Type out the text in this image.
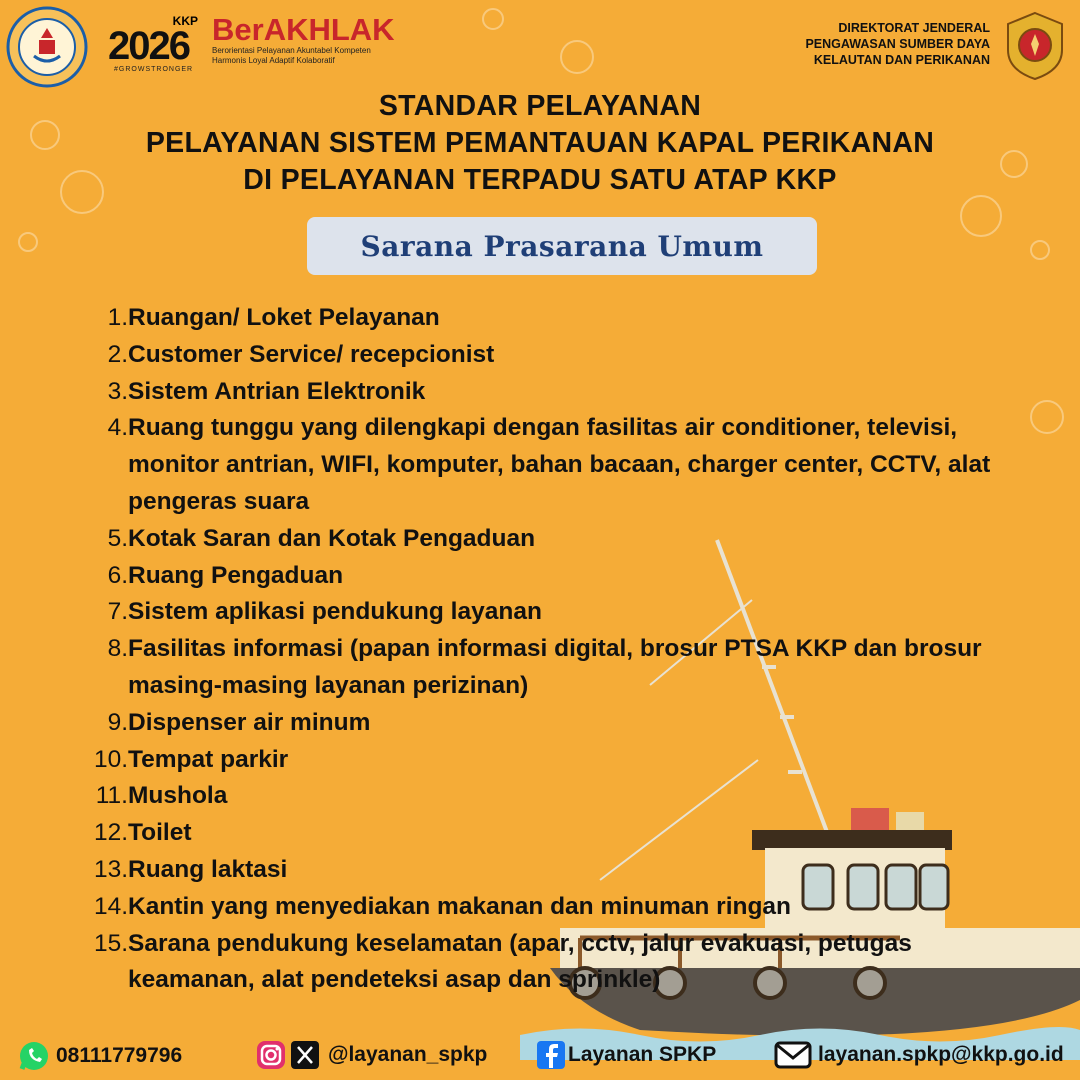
KKP
2026
#GROWSTRONGER
BerAKHLAK
Berorientasi Pelayanan Akuntabel Kompeten
Harmonis Loyal Adaptif Kolaboratif
DIREKTORAT JENDERAL
PENGAWASAN SUMBER DAYA
KELAUTAN DAN PERIKANAN
STANDAR PELAYANAN
PELAYANAN SISTEM PEMANTAUAN KAPAL PERIKANAN
DI PELAYANAN TERPADU SATU ATAP KKP
Sarana Prasarana Umum
1. Ruangan/ Loket Pelayanan
2. Customer Service/ recepcionist
3. Sistem Antrian Elektronik
4. Ruang tunggu yang dilengkapi dengan fasilitas air conditioner, televisi, monitor antrian, WIFI, komputer, bahan bacaan, charger center, CCTV, alat pengeras suara
5. Kotak Saran dan Kotak Pengaduan
6. Ruang Pengaduan
7. Sistem aplikasi pendukung layanan
8. Fasilitas informasi (papan informasi digital, brosur PTSA KKP dan brosur masing-masing layanan perizinan)
9. Dispenser air minum
10. Tempat parkir
11. Mushola
12. Toilet
13. Ruang laktasi
14. Kantin yang menyediakan makanan dan minuman ringan
15. Sarana pendukung keselamatan (apar, cctv, jalur evakuasi, petugas keamanan, alat pendeteksi asap dan sprinkle)
08111779796	@layanan_spkp	Layanan SPKP	layanan.spkp@kkp.go.id
